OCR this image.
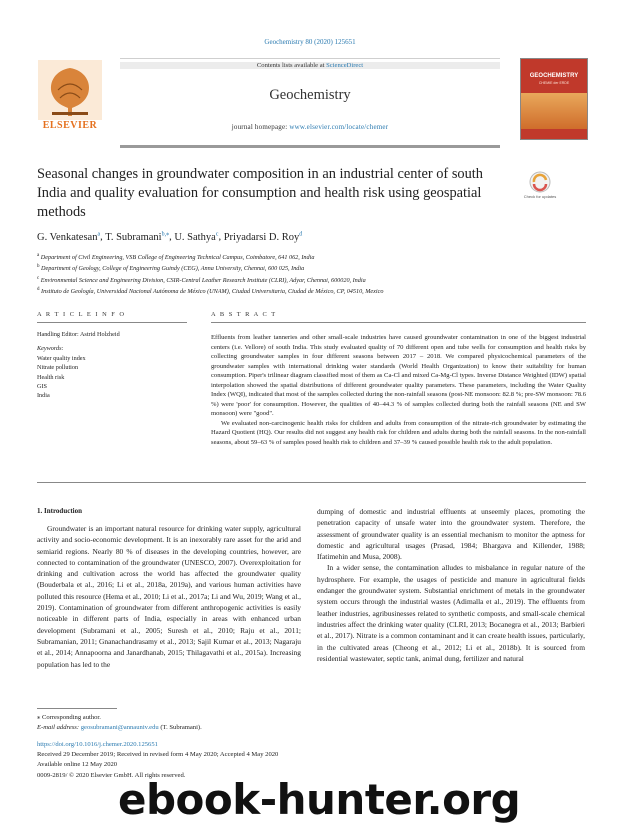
Geochemistry 80 (2020) 125651
ELSEVIER
Contents lists available at ScienceDirect
Geochemistry
journal homepage: www.elsevier.com/locate/chemer
GEOCHEMISTRY
CHEMIE der ERDE
Seasonal changes in groundwater composition in an industrial center of south India and quality evaluation for consumption and health risk using geospatial methods
Check for updates
G. Venkatesan$^a$, T. Subramani$^{b,⁎}$, U. Sathya$^c$, Priyadarsi D. Roy$^d$
$^a$ Department of Civil Engineering, VSB College of Engineering Technical Campus, Coimbatore, 641 062, India
$^b$ Department of Geology, College of Engineering Guindy (CEG), Anna University, Chennai, 600 025, India
$^c$ Environmental Science and Engineering Division, CSIR-Central Leather Research Institute (CLRI), Adyar, Chennai, 600020, India
$^d$ Instituto de Geología, Universidad Nacional Autónoma de México (UNAM), Ciudad Universitaria, Ciudad de México, CP, 04510, Mexico
A R T I C L E I N F O	A B S T R A C T
Handling Editor: Astrid Holzheid
Keywords:
Water quality index
Nitrate pollution
Health risk
GIS
India

Effluents from leather tanneries and other small-scale industries have caused groundwater contamination in one of the biggest industrial centers (i.e. Vellore) of south India. This study evaluated quality of 70 different open and tube wells for consumption and health risks by collecting groundwater samples in four different seasons between 2017 – 2018. We compared physicochemical parameters of the groundwater samples with international drinking water standards (World Health Organization) to know their suitability for human consumption. Piper's trilinear diagram classified most of them as Ca-Cl and mixed Ca-Mg-Cl types. Inverse Distance Weighted (IDW) spatial interpolation showed the spatial distributions of different groundwater quality parameters. These parameters, including the Water Quality Index (WQI), indicated that most of the samples collected during the non-rainfall seasons (post-NE monsoon: 82.8 %; pre-SW monsoon: 78.6 %) were 'poor' for consumption. However, the qualities of 40–44.3 % of samples collected during both the rainfall seasons (NE and SW monsoon) were "good".

We evaluated non-carcinogenic health risks for children and adults from consumption of the nitrate-rich groundwater by estimating the Hazard Quotient (HQ). Our results did not suggest any health risk for children and adults during both the rainfall seasons. In the non-rainfall seasons, about 59–63 % of samples posed health risk to children and 37–39 % caused possible health risk to the adult population.

1. Introduction

Groundwater is an important natural resource for drinking water supply, agricultural activity and socio-economic development. It is an inexorably rare asset for the arid and semiarid regions. Nearly 80 % of diseases in the developing countries, however, are connected to contamination of the groundwater (UNESCO, 2007). Overexploitation for drinking and cultivation across the world has affected the groundwater quality (Bouderbala et al., 2016; Li et al., 2018a, 2019a), and various human activities have polluted this resource (Hema et al., 2010; Li et al., 2017a; Li and Wu, 2019; Wang et al., 2019). Contamination of groundwater from different anthropogenic activities is easily noticeable in different parts of India, especially in areas with enhanced urban development (Subramani et al., 2005; Suresh et al., 2010; Raju et al., 2011; Subramanian, 2011; Gnanachandrasamy et al., 2013; Sajil Kumar et al., 2013; Nagaraju et al., 2014; Annapoorna and Janardhanab, 2015; Thilagavathi et al., 2015a). Increasing population has led to the

dumping of domestic and industrial effluents at unseemly places, promoting the penetration capacity of unsafe water into the groundwater system. Therefore, the assessment of groundwater quality is an essential mechanism to monitor the aptness for domestic and agricultural usages (Prasad, 1984; Bhargava and Killender, 1988; Ifatimehin and Musa, 2008).

In a wider sense, the contamination alludes to misbalance in regular nature of the hydrosphere. For example, the usages of pesticide and manure in agricultural fields endanger the groundwater system. Substantial enrichment of metals in the groundwater system occurs through the industrial wastes (Adimalla et al., 2019). The effluents from leather industries, agribusinesses related to synthetic composts, and small-scale chemical industries affect the drinking water quality (CLRI, 2013; Bocanegra et al., 2013; Barbieri et al., 2017). Nitrate is a common contaminant and it can create health issues, particularly, in the cultivated areas (Cheong et al., 2012; Li et al., 2018b). It is sourced from residential wastewater, septic tank, animal dung, fertilizer and natural

⁎ Corresponding author.
E-mail address: geosubramani@annauniv.edu (T. Subramani).
https://doi.org/10.1016/j.chemer.2020.125651
Received 29 December 2019; Received in revised form 4 May 2020; Accepted 4 May 2020
Available online 12 May 2020
0009-2819/ © 2020 Elsevier GmbH. All rights reserved.
ebook-hunter.org
